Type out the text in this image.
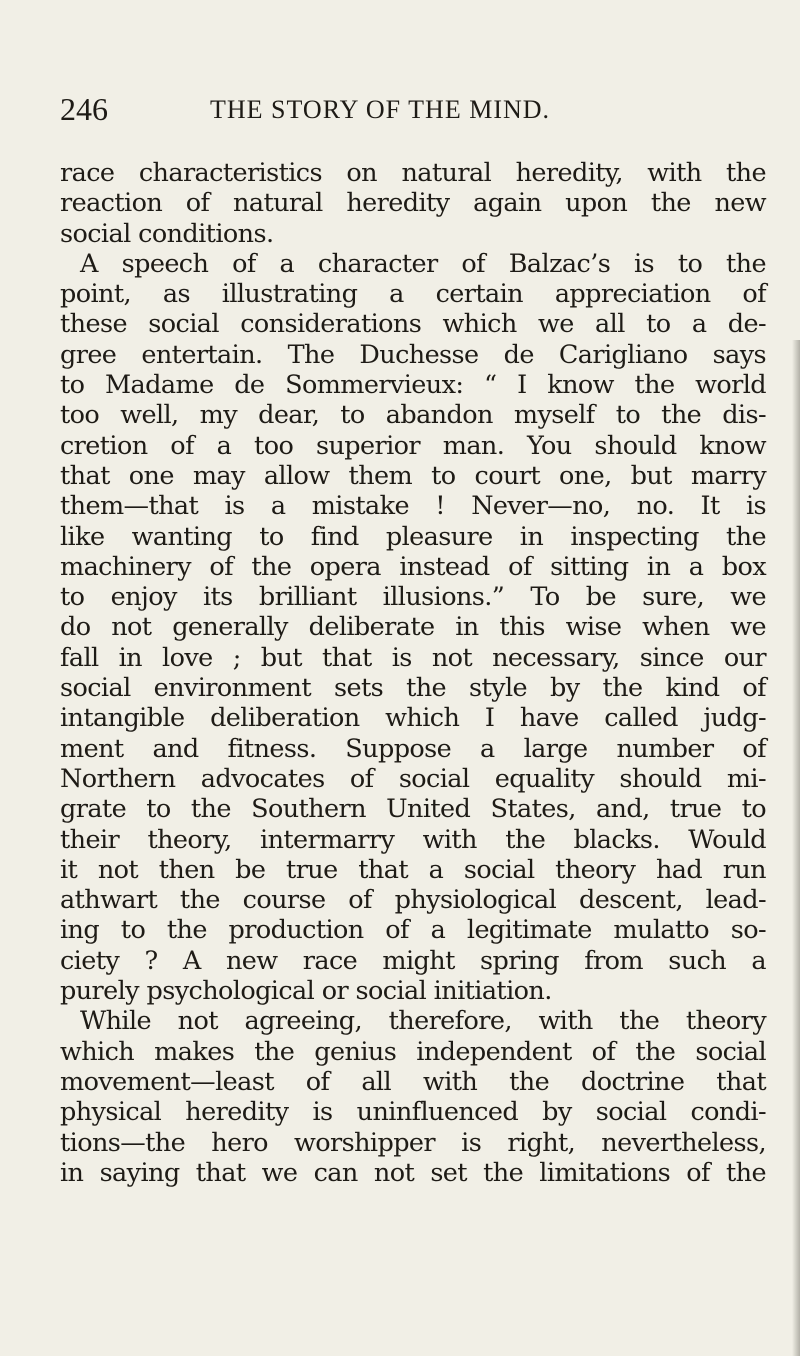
246	THE STORY OF THE MIND.
race characteristics on natural heredity, with the
reaction of natural heredity again upon the new
social conditions.
A speech of a character of Balzac’s is to the
point, as illustrating a certain appreciation of
these social considerations which we all to a de-
gree entertain. The Duchesse de Carigliano says
to Madame de Sommervieux: “ I know the world
too well, my dear, to abandon myself to the dis-
cretion of a too superior man. You should know
that one may allow them to court one, but marry
them—that is a mistake ! Never—no, no. It is
like wanting to find pleasure in inspecting the
machinery of the opera instead of sitting in a box
to enjoy its brilliant illusions.” To be sure, we
do not generally deliberate in this wise when we
fall in love ; but that is not necessary, since our
social environment sets the style by the kind of
intangible deliberation which I have called judg-
ment and fitness. Suppose a large number of
Northern advocates of social equality should mi-
grate to the Southern United States, and, true to
their theory, intermarry with the blacks. Would
it not then be true that a social theory had run
athwart the course of physiological descent, lead-
ing to the production of a legitimate mulatto so-
ciety ? A new race might spring from such a
purely psychological or social initiation.
While not agreeing, therefore, with the theory
which makes the genius independent of the social
movement—least of all with the doctrine that
physical heredity is uninfluenced by social condi-
tions—the hero worshipper is right, nevertheless,
in saying that we can not set the limitations of the
